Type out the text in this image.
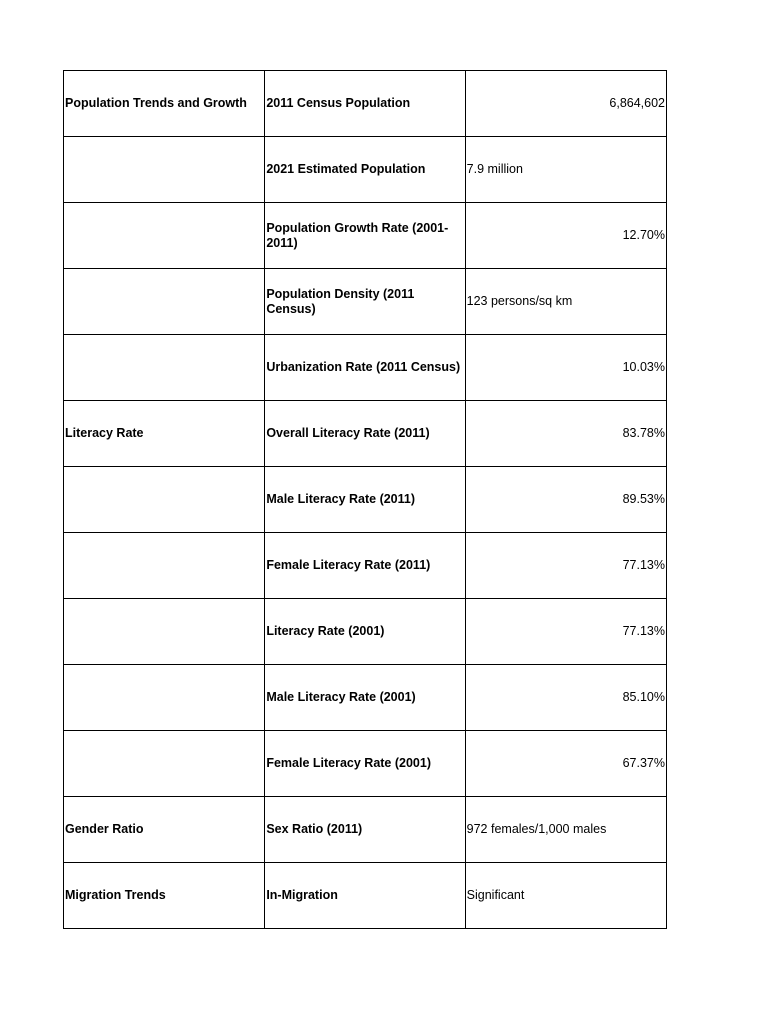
Population Trends and Growth	2011 Census Population	6,864,602
	2021 Estimated Population	7.9 million
	Population Growth Rate (2001-2011)	12.70%
	Population Density (2011 Census)	123 persons/sq km
	Urbanization Rate (2011 Census)	10.03%
Literacy Rate	Overall Literacy Rate (2011)	83.78%
	Male Literacy Rate (2011)	89.53%
	Female Literacy Rate (2011)	77.13%
	Literacy Rate (2001)	77.13%
	Male Literacy Rate (2001)	85.10%
	Female Literacy Rate (2001)	67.37%
Gender Ratio	Sex Ratio (2011)	972 females/1,000 males
Migration Trends	In-Migration	Significant
